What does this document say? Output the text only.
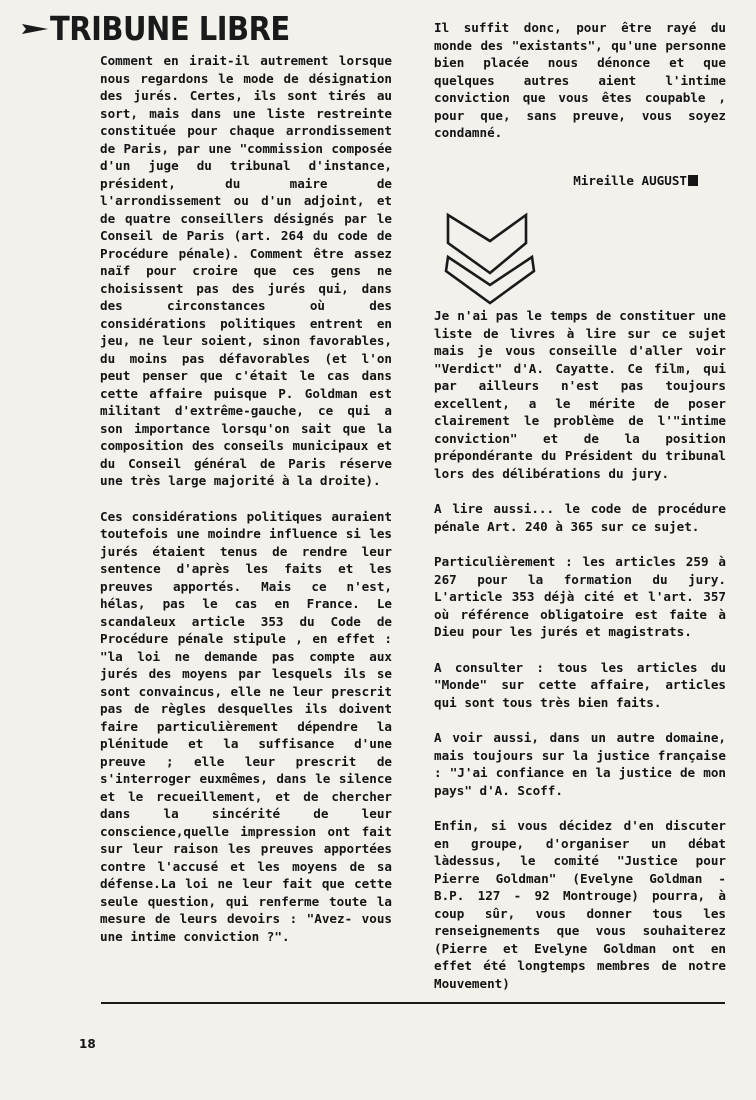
TRIBUNE LIBRE

Comment en irait-il autrement lorsque nous regardons le mode de désignation des jurés. Certes, ils sont tirés au sort, mais dans une liste restreinte constituée pour chaque arrondissement de Paris, par une "commission composée d'un juge du tribunal d'instance, président, du maire de l'arrondissement ou d'un adjoint, et de quatre conseillers désignés par le Conseil de Paris (art. 264 du code de Procédure pénale). Comment être assez naïf pour croire que ces gens ne choisissent pas des jurés qui, dans des circonstances où des considérations politiques entrent en jeu, ne leur soient, sinon favorables, du moins pas défavorables (et l'on peut penser que c'était le cas dans cette affaire puisque P. Goldman est militant d'extrême-gauche, ce qui a son importance lorsqu'on sait que la composition des conseils municipaux et du Conseil général de Paris réserve une très large majorité à la droite).

Ces considérations politiques auraient toutefois une moindre influence si les jurés étaient tenus de rendre leur sentence d'après les faits et les preuves apportés. Mais ce n'est, hélas, pas le cas en France. Le scandaleux article 353 du Code de Procédure pénale stipule , en effet : "la loi ne demande pas compte aux jurés des moyens par lesquels ils se sont convaincus, elle ne leur prescrit pas de règles desquelles ils doivent faire particulièrement dépendre la plénitude et la suffisance d'une preuve ; elle leur prescrit de s'interroger euxmêmes, dans le silence et le recueillement, et de chercher dans la sincérité de leur conscience,quelle impression ont fait sur leur raison les preuves apportées contre l'accusé et les moyens de sa défense.La loi ne leur fait que cette seule question, qui renferme toute la mesure de leurs devoirs : "Avez- vous une intime conviction ?".

Il suffit donc, pour être rayé du monde des "existants", qu'une personne bien placée nous dénonce et que quelques autres aient l'intime conviction que vous êtes coupable , pour que, sans preuve, vous soyez condamné.

Mireille AUGUST

Je n'ai pas le temps de constituer une liste de livres à lire sur ce sujet mais je vous conseille d'aller voir "Verdict" d'A. Cayatte. Ce film, qui par ailleurs n'est pas toujours excellent, a le mérite de poser clairement le problème de l'"intime conviction" et de la position prépondérante du Président du tribunal lors des délibérations du jury.

A lire aussi... le code de procédure pénale Art. 240 à 365 sur ce sujet.

Particulièrement : les articles 259 à 267 pour la formation du jury. L'article 353 déjà cité et l'art. 357 où référence obligatoire est faite à Dieu pour les jurés et magistrats.

A consulter : tous les articles du "Monde" sur cette affaire, articles qui sont tous très bien faits.

A voir aussi, dans un autre domaine, mais toujours sur la justice française : "J'ai confiance en la justice de mon pays" d'A. Scoff.

Enfin, si vous décidez d'en discuter en groupe, d'organiser un débat làdessus, le comité "Justice pour Pierre Goldman" (Evelyne Goldman - B.P. 127 - 92 Montrouge) pourra, à coup sûr, vous donner tous les renseignements que vous souhaiterez (Pierre et Evelyne Goldman ont en effet été longtemps membres de notre Mouvement)

18
